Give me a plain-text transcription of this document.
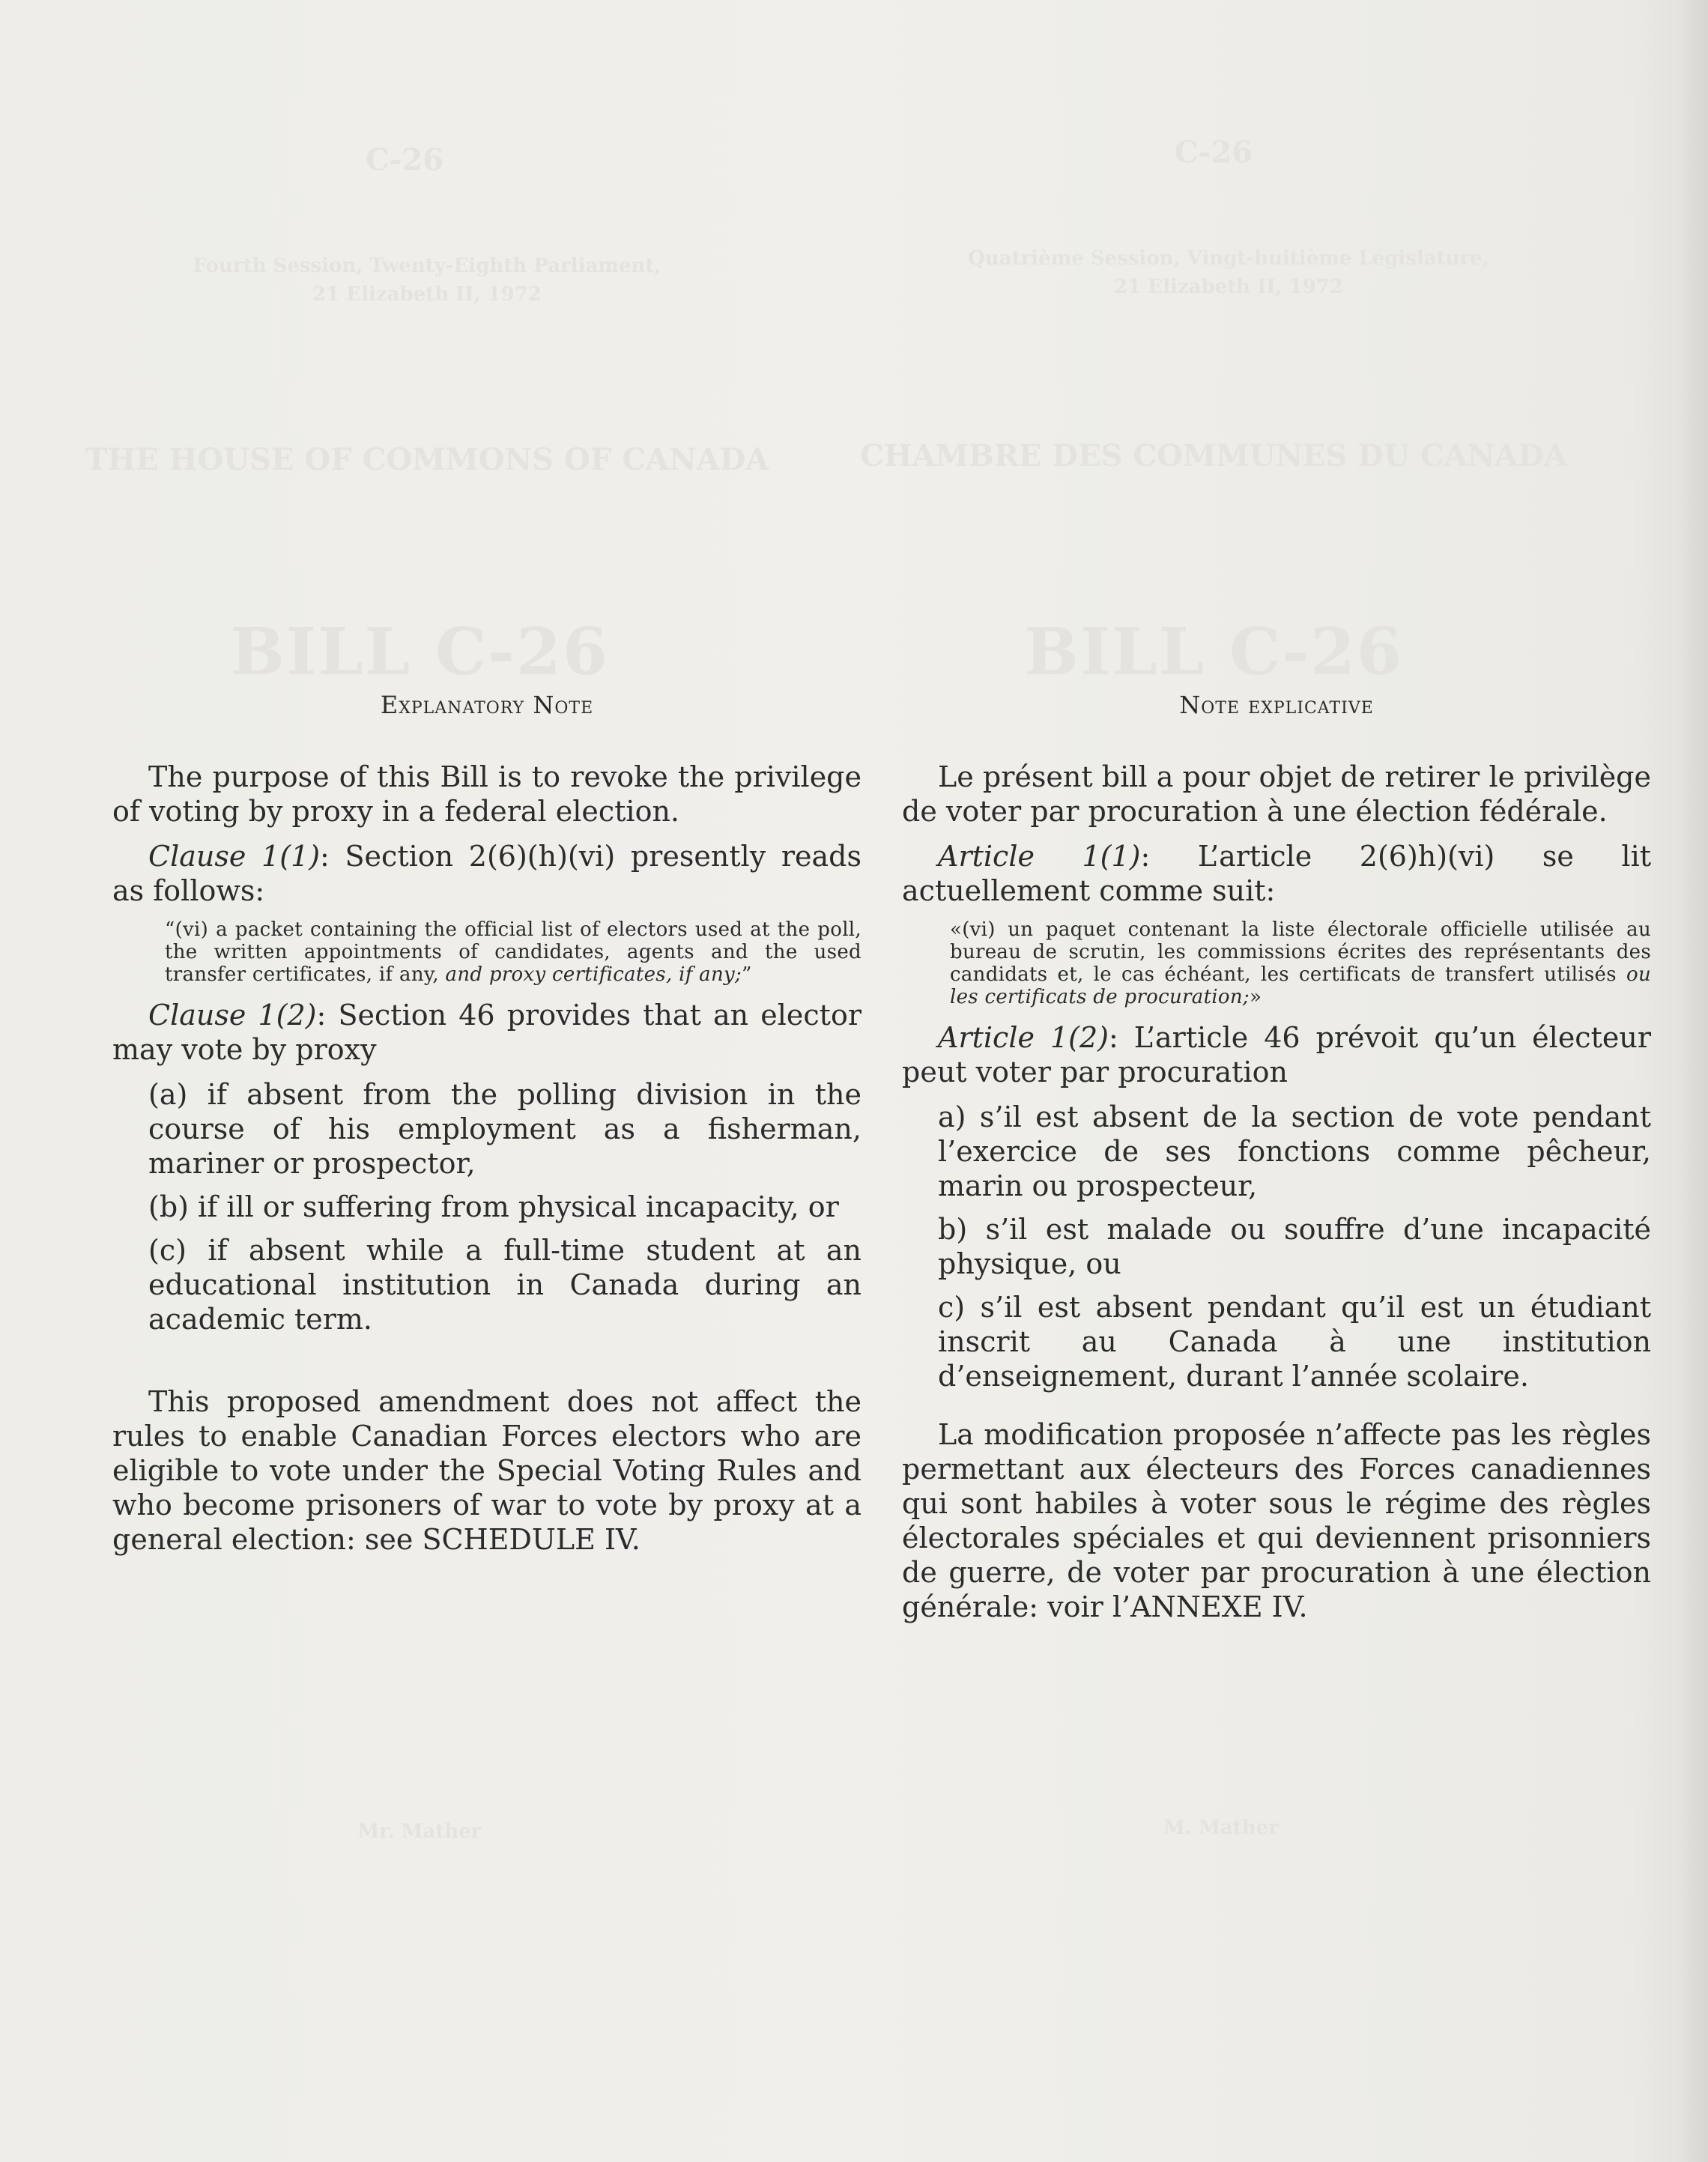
C-26	C-26
Fourth Session, Twenty-Eighth Parliament,
21 Elizabeth II, 1972
Quatrième Session, Vingt-huitième Législature,
21 Elizabeth II, 1972
THE HOUSE OF COMMONS OF CANADA	CHAMBRE DES COMMUNES DU CANADA
BILL C-26	BILL C-26
Mr. Mather	M. Mather
Explanatory Note

The purpose of this Bill is to revoke the privilege of voting by proxy in a federal election.

Clause 1(1): Section 2(6)(h)(vi) presently reads as follows:

“(vi) a packet containing the official list of electors used at the poll, the written appointments of candidates, agents and the used transfer certificates, if any, and proxy certificates, if any;”

Clause 1(2): Section 46 provides that an elector may vote by proxy

(a) if absent from the polling division in the course of his employment as a fisherman, mariner or prospector,
(b) if ill or suffering from physical incapacity, or
(c) if absent while a full-time student at an educational institution in Canada during an academic term.

This proposed amendment does not affect the rules to enable Canadian Forces electors who are eligible to vote under the Special Voting Rules and who become prisoners of war to vote by proxy at a general election: see SCHEDULE IV.

Note explicative

Le présent bill a pour objet de retirer le privilège de voter par procuration à une élection fédérale.

Article 1(1): L’article 2(6)h)(vi) se lit actuellement comme suit:

«(vi) un paquet contenant la liste électorale officielle utilisée au bureau de scrutin, les commissions écrites des représentants des candidats et, le cas échéant, les certificats de transfert utilisés ou les certificats de procuration;»

Article 1(2): L’article 46 prévoit qu’un électeur peut voter par procuration

a) s’il est absent de la section de vote pendant l’exercice de ses fonctions comme pêcheur, marin ou prospecteur,
b) s’il est malade ou souffre d’une incapacité physique, ou
c) s’il est absent pendant qu’il est un étudiant inscrit au Canada à une institution d’enseignement, durant l’année scolaire.

La modification proposée n’affecte pas les règles permettant aux électeurs des Forces canadiennes qui sont habiles à voter sous le régime des règles électorales spéciales et qui deviennent prisonniers de guerre, de voter par procuration à une élection générale: voir l’ANNEXE IV.
